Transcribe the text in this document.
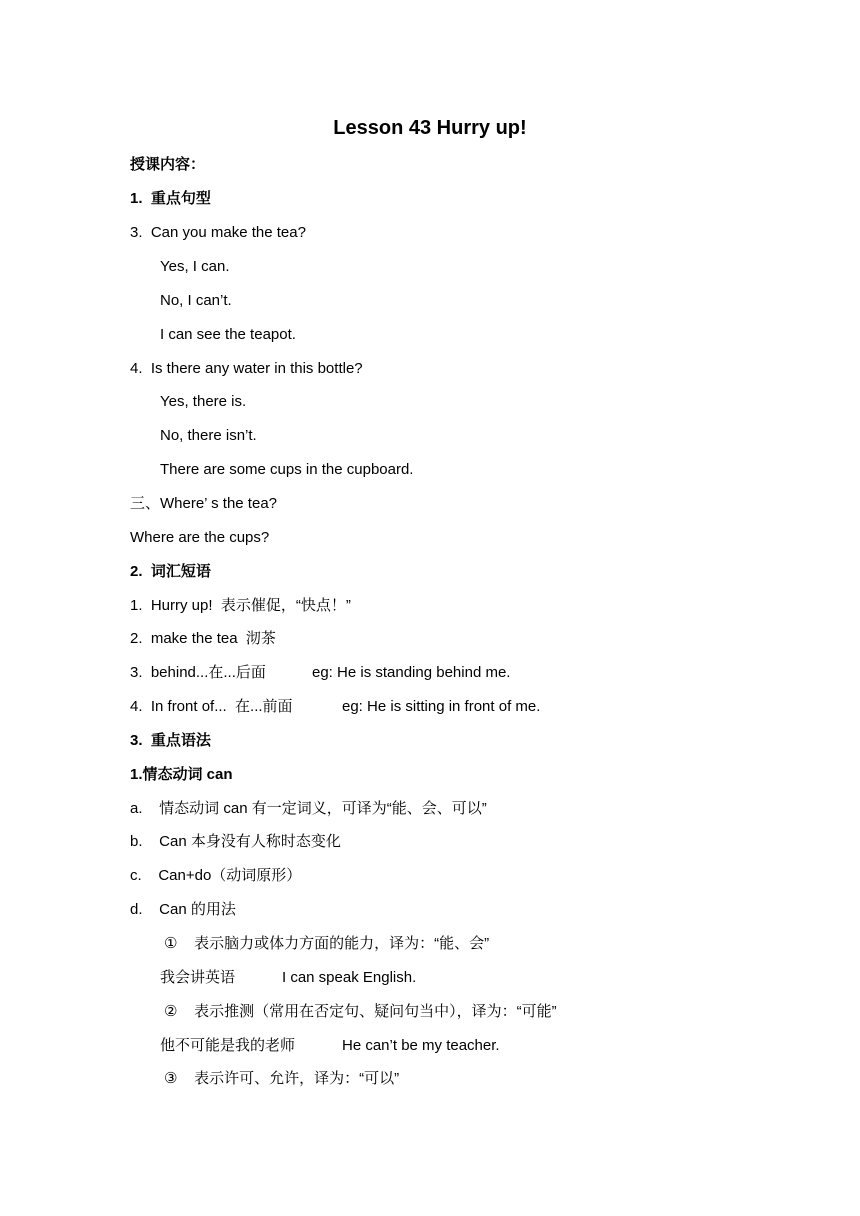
Lesson 43 Hurry up!
授课内容：
1.  重点句型
3.  Can you make the tea?
Yes, I can.
No, I can’t.
I can see the teapot.
4.  Is there any water in this bottle?
Yes, there is.
No, there isn’t.
There are some cups in the cupboard.
三、Where’ s the tea?
Where are the cups?
2.  词汇短语
1.  Hurry up!  表示催促，“快点！”
2.  make the tea  沏茶
3.  behind...在...后面	eg: He is standing behind me.
4.  In front of...  在...前面	eg: He is sitting in front of me.
3.  重点语法
1.情态动词 can
a.    情态动词 can 有一定词义，可译为“能、会、可以”
b.    Can 本身没有人称时态变化
c.    Can+do（动词原形）
d.    Can 的用法
①    表示脑力或体力方面的能力，译为：“能、会”
我会讲英语	I can speak English.
②    表示推测（常用在否定句、疑问句当中），译为：“可能”
他不可能是我的老师	He can’t be my teacher.
③    表示许可、允许，译为：“可以”
